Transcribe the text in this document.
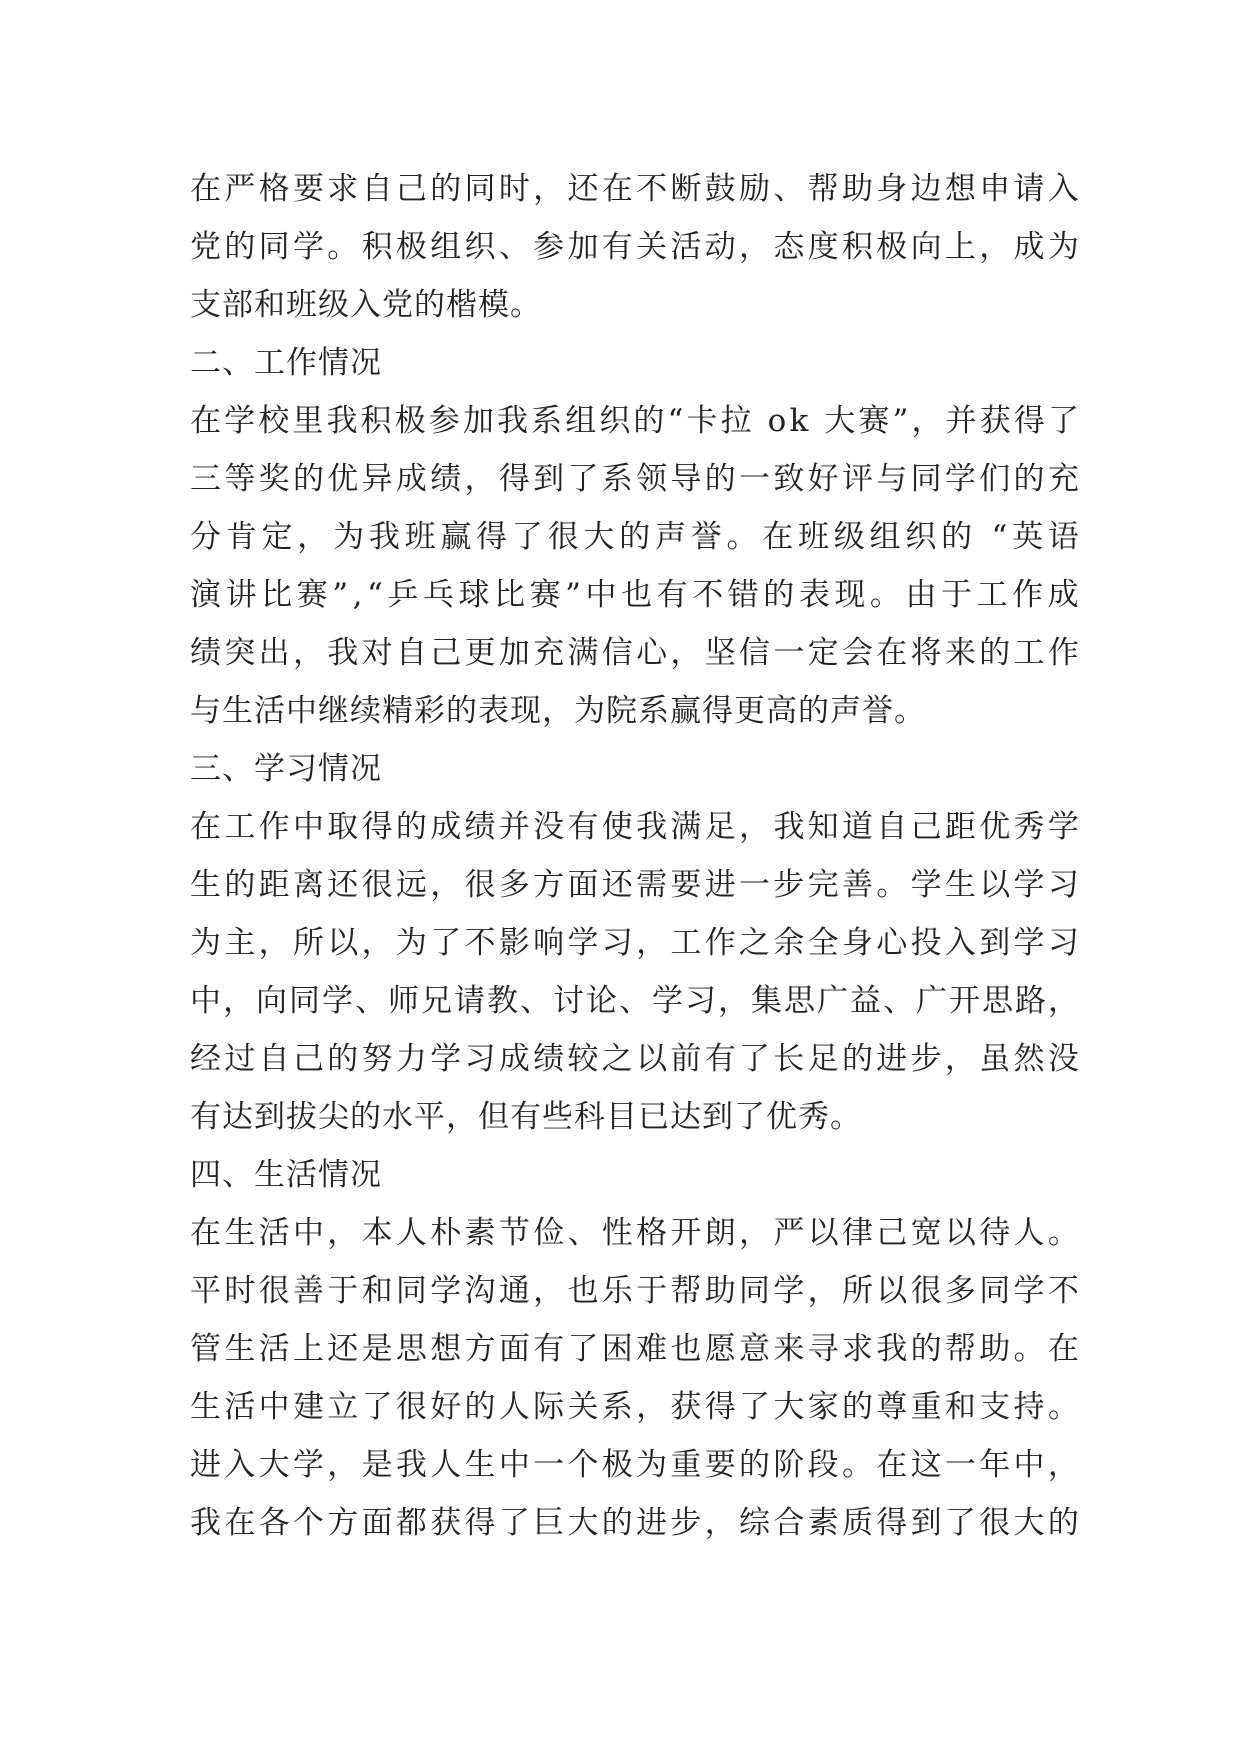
在 严 格 要 求 自 己 的 同 时 ， 还 在 不 断 鼓 励 、 帮 助 身 边 想 申 请 入
党 的 同 学 。 积 极 组 织 、 参 加 有 关 活 动 ， 态 度 积 极 向 上 ， 成 为
支 部 和 班 级 入 党 的 楷 模 。
二 、 工 作 情 况
在 学 校 里 我 积 极 参 加 我 系 组 织 的 “ 卡 拉 o k 大 赛 ” ， 并 获 得 了
三 等 奖 的 优 异 成 绩 ， 得 到 了 系 领 导 的 一 致 好 评 与 同 学 们 的 充
分 肯 定 ， 为 我 班 赢 得 了 很 大 的 声 誉 。 在 班 级 组 织 的 “ 英 语
演 讲 比 赛 ” , “ 乒 乓 球 比 赛 ” 中 也 有 不 错 的 表 现 。 由 于 工 作 成
绩 突 出 ， 我 对 自 己 更 加 充 满 信 心 ， 坚 信 一 定 会 在 将 来 的 工 作
与 生 活 中 继 续 精 彩 的 表 现 ， 为 院 系 赢 得 更 高 的 声 誉 。
三 、 学 习 情 况
在 工 作 中 取 得 的 成 绩 并 没 有 使 我 满 足 ， 我 知 道 自 己 距 优 秀 学
生 的 距 离 还 很 远 ， 很 多 方 面 还 需 要 进 一 步 完 善 。 学 生 以 学 习
为 主 ， 所 以 ， 为 了 不 影 响 学 习 ， 工 作 之 余 全 身 心 投 入 到 学 习
中 ， 向 同 学 、 师 兄 请 教 、 讨 论 、 学 习 ， 集 思 广 益 、 广 开 思 路 ，
经 过 自 己 的 努 力 学 习 成 绩 较 之 以 前 有 了 长 足 的 进 步 ， 虽 然 没
有 达 到 拔 尖 的 水 平 ， 但 有 些 科 目 已 达 到 了 优 秀 。
四 、 生 活 情 况
在 生 活 中 ， 本 人 朴 素 节 俭 、 性 格 开 朗 ， 严 以 律 己 宽 以 待 人 。
平 时 很 善 于 和 同 学 沟 通 ， 也 乐 于 帮 助 同 学 ， 所 以 很 多 同 学 不
管 生 活 上 还 是 思 想 方 面 有 了 困 难 也 愿 意 来 寻 求 我 的 帮 助 。 在
生 活 中 建 立 了 很 好 的 人 际 关 系 ， 获 得 了 大 家 的 尊 重 和 支 持 。
进 入 大 学 ， 是 我 人 生 中 一 个 极 为 重 要 的 阶 段 。 在 这 一 年 中 ，
我 在 各 个 方 面 都 获 得 了 巨 大 的 进 步 ， 综 合 素 质 得 到 了 很 大 的
